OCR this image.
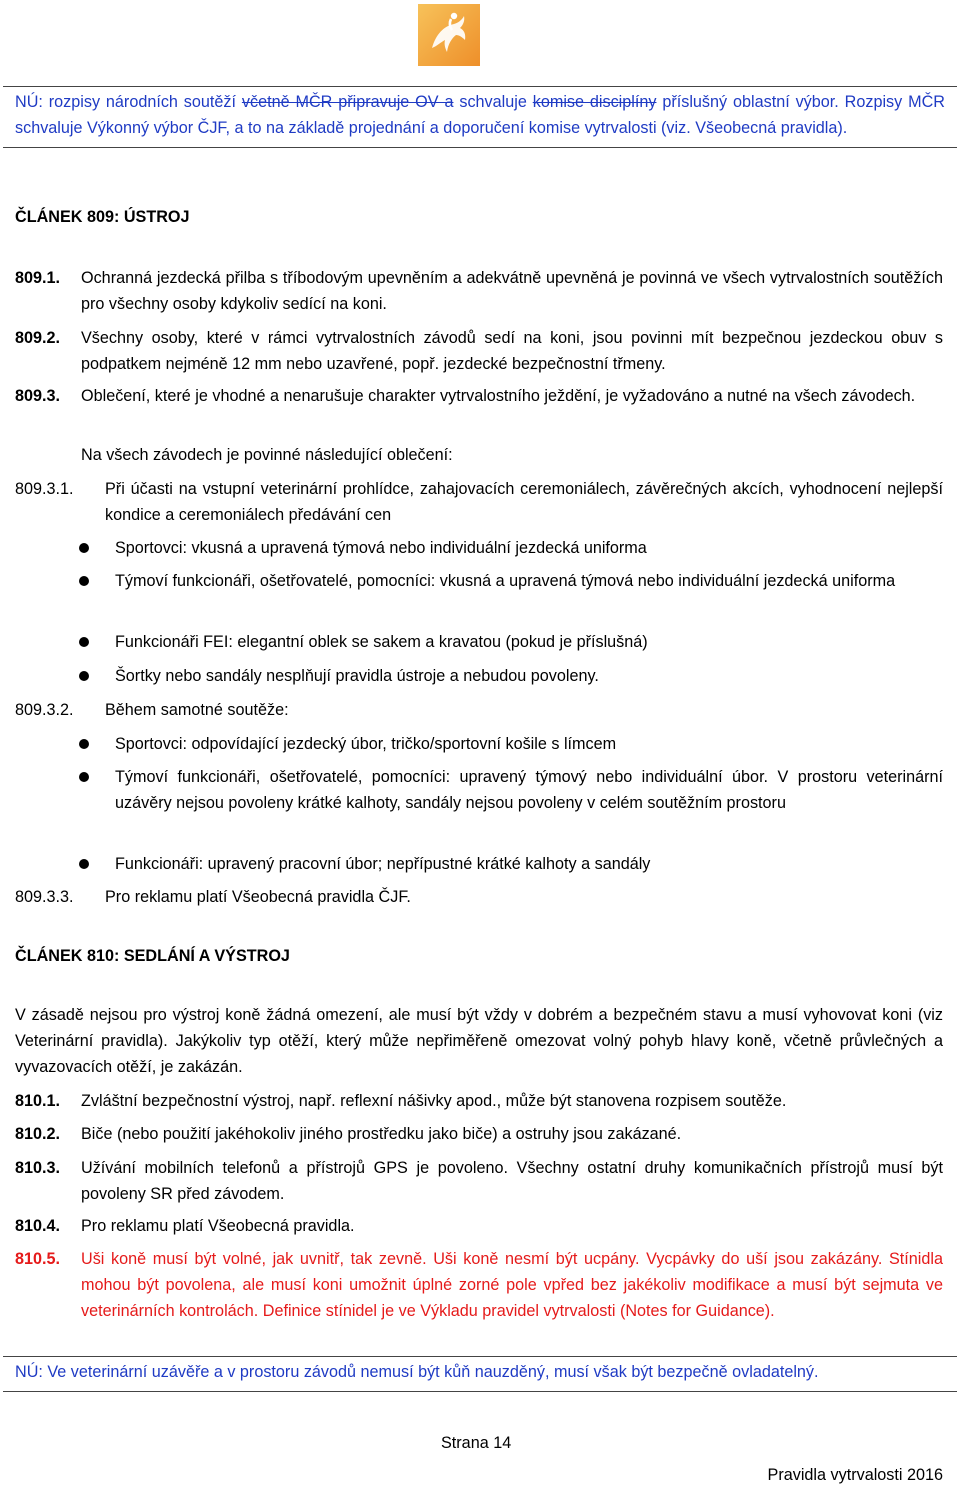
NÚ: rozpisy národních soutěží včetně MČR připravuje OV a schvaluje komise disciplíny příslušný oblastní výbor. Rozpisy MČR schvaluje Výkonný výbor ČJF, a to na základě projednání a doporučení komise vytrvalosti (viz. Všeobecná pravidla).
ČLÁNEK 809: ÚSTROJ
809.1. Ochranná jezdecká přilba s tříbodovým upevněním a adekvátně upevněná je povinná ve všech vytrvalostních soutěžích pro všechny osoby kdykoliv sedící na koni.
809.2. Všechny osoby, které v rámci vytrvalostních závodů sedí na koni, jsou povinni mít bezpečnou jezdeckou obuv s podpatkem nejméně 12 mm nebo uzavřené, popř. jezdecké bezpečnostní třmeny.
809.3. Oblečení, které je vhodné a nenarušuje charakter vytrvalostního ježdění, je vyžadováno a nutné na všech závodech.
Na všech závodech je povinné následující oblečení:
809.3.1. Při účasti na vstupní veterinární prohlídce, zahajovacích ceremoniálech, závěrečných akcích, vyhodnocení nejlepší kondice a ceremoniálech předávání cen
Sportovci: vkusná a upravená týmová nebo individuální jezdecká uniforma
Týmoví funkcionáři, ošetřovatelé, pomocníci: vkusná a upravená týmová nebo individuální jezdecká uniforma
Funkcionáři FEI: elegantní oblek se sakem a kravatou (pokud je příslušná)
Šortky nebo sandály nesplňují pravidla ústroje a nebudou povoleny.
809.3.2. Během samotné soutěže:
Sportovci: odpovídající jezdecký úbor, tričko/sportovní košile s límcem
Týmoví funkcionáři, ošetřovatelé, pomocníci: upravený týmový nebo individuální úbor. V prostoru veterinární uzávěry nejsou povoleny krátké kalhoty, sandály nejsou povoleny v celém soutěžním prostoru
Funkcionáři: upravený pracovní úbor; nepřípustné krátké kalhoty a sandály
809.3.3. Pro reklamu platí Všeobecná pravidla ČJF.
ČLÁNEK 810: SEDLÁNÍ A VÝSTROJ
V zásadě nejsou pro výstroj koně žádná omezení, ale musí být vždy v dobrém a bezpečném stavu a musí vyhovovat koni (viz Veterinární pravidla). Jakýkoliv typ otěží, který může nepřiměřeně omezovat volný pohyb hlavy koně, včetně průvlečných a vyvazovacích otěží, je zakázán.
810.1. Zvláštní bezpečnostní výstroj, např. reflexní nášivky apod., může být stanovena rozpisem soutěže.
810.2. Biče (nebo použití jakéhokoliv jiného prostředku jako biče) a ostruhy jsou zakázané.
810.3. Užívání mobilních telefonů a přístrojů GPS je povoleno. Všechny ostatní druhy komunikačních přístrojů musí být povoleny SR před závodem.
810.4. Pro reklamu platí Všeobecná pravidla.
810.5. Uši koně musí být volné, jak uvnitř, tak zevně. Uši koně nesmí být ucpány. Vycpávky do uší jsou zakázány. Stínidla mohou být povolena, ale musí koni umožnit úplné zorné pole vpřed bez jakékoliv modifikace a musí být sejmuta ve veterinárních kontrolách. Definice stínidel je ve Výkladu pravidel vytrvalosti (Notes for Guidance).
NÚ: Ve veterinární uzávěře a v prostoru závodů nemusí být kůň nauzděný, musí však být bezpečně ovladatelný.
Strana 14
Pravidla vytrvalosti 2016
